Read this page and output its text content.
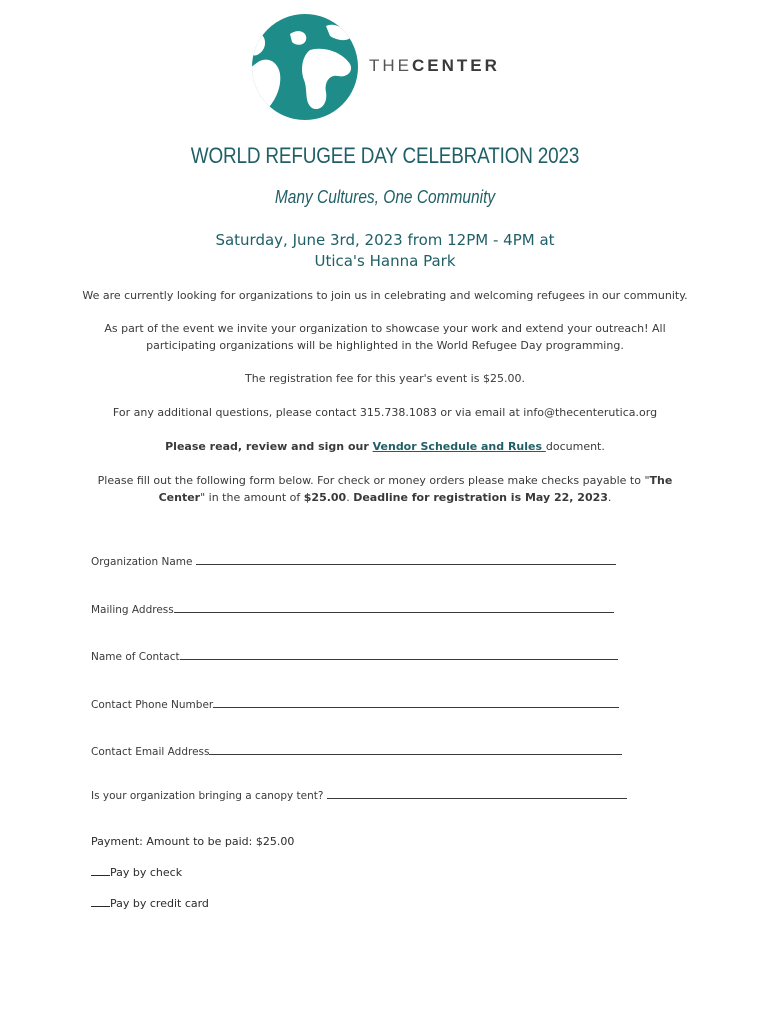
THECENTER
WORLD REFUGEE DAY CELEBRATION 2023
Many Cultures, One Community
Saturday, June 3rd, 2023 from 12PM - 4PM at
Utica's Hanna Park
We are currently looking for organizations to join us in celebrating and welcoming refugees in our community.
As part of the event we invite your organization to showcase your work and extend your outreach! All participating organizations will be highlighted in the World Refugee Day programming.
The registration fee for this year's event is $25.00.
For any additional questions, please contact 315.738.1083 or via email at info@thecenterutica.org
Please read, review and sign our Vendor Schedule and Rules document.
Please fill out the following form below. For check or money orders please make checks payable to "The Center" in the amount of $25.00. Deadline for registration is May 22, 2023.
Organization Name
Mailing Address
Name of Contact
Contact Phone Number
Contact Email Address
Is your organization bringing a canopy tent?
Payment: Amount to be paid: $25.00
Pay by check
Pay by credit card
